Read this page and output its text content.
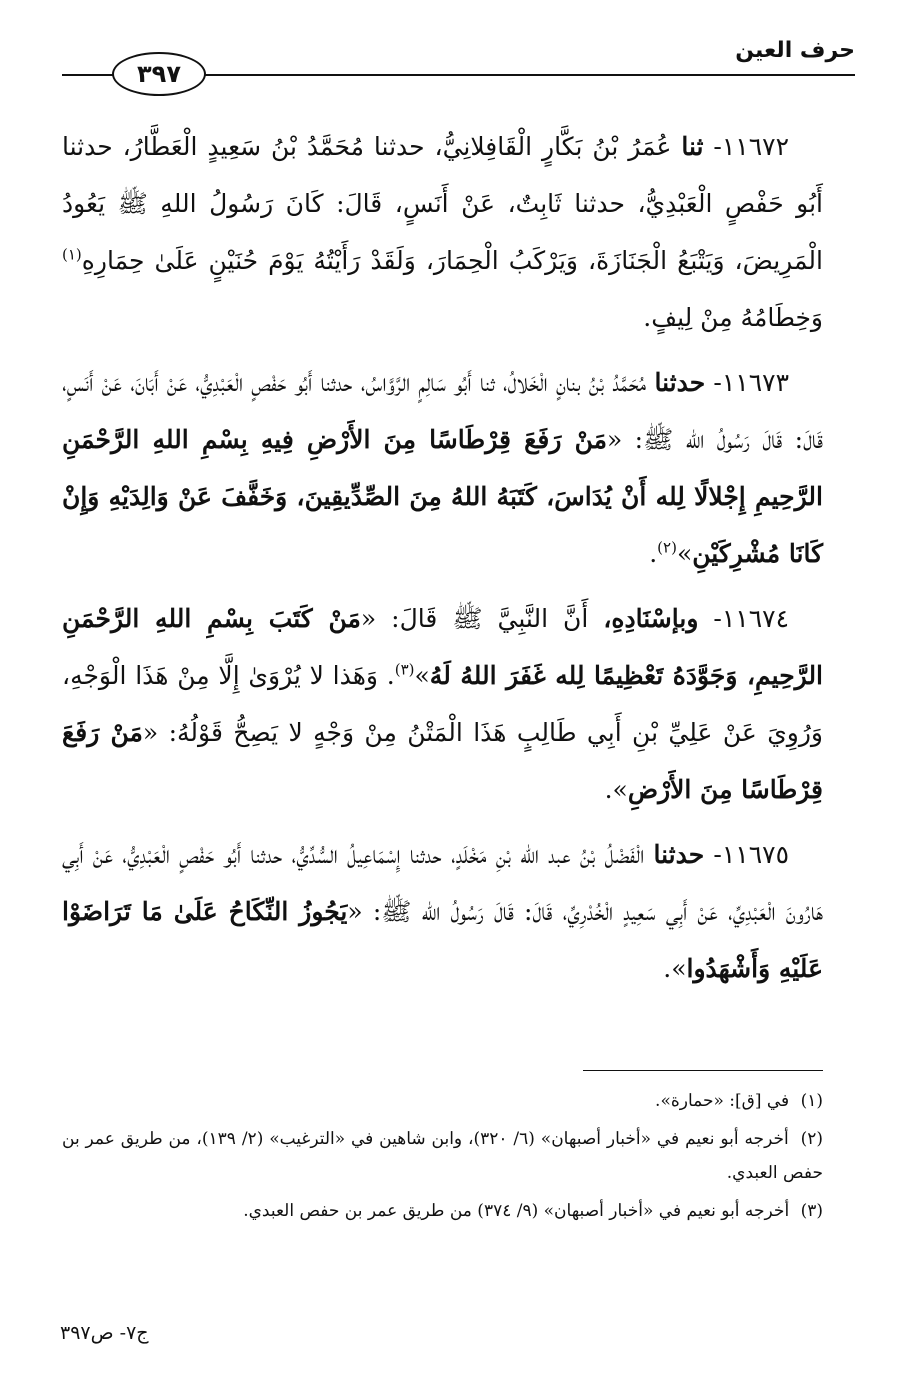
حرف العين
٣٩٧

١١٦٧٢- ثنا عُمَرُ بْنُ بَكَّارٍ الْقَافِلانِيُّ، حدثنا مُحَمَّدُ بْنُ سَعِيدٍ الْعَطَّارُ، حدثنا أَبُو حَفْصٍ الْعَبْدِيُّ، حدثنا ثَابِتٌ، عَنْ أَنَسٍ، قَالَ: كَانَ رَسُولُ اللهِ ﷺ يَعُودُ الْمَرِيضَ، وَيَتْبَعُ الْجَنَازَةَ، وَيَرْكَبُ الْحِمَارَ، وَلَقَدْ رَأَيْتُهُ يَوْمَ حُنَيْنٍ عَلَىٰ حِمَارِهِ$^{(١)}$ وَخِطَامُهُ مِنْ لِيفٍ.

١١٦٧٣- حدثنا مُحَمَّدُ بْنُ بنانٍ الْخَلالُ، ثنا أَبُو سَالِمٍ الرَّوَّاسُ، حدثنا أَبُو حَفْصٍ الْعَبْدِيُّ، عَنْ أَبَانَ، عَنْ أَنَسٍ، قَالَ: قَالَ رَسُولُ الله ﷺ: «مَنْ رَفَعَ قِرْطَاسًا مِنَ الأَرْضِ فِيهِ بِسْمِ اللهِ الرَّحْمَنِ الرَّحِيمِ إِجْلالًا لِله أَنْ يُدَاسَ، كَتَبَهُ اللهُ مِنَ الصِّدِّيقِينَ، وَخَفَّفَ عَنْ وَالِدَيْهِ وَإِنْ كَانَا مُشْرِكَيْنِ»$^{(٢)}$.

١١٦٧٤- وبإسْنَادِهِ، أَنَّ النَّبِيَّ ﷺ قَالَ: «مَنْ كَتَبَ بِسْمِ اللهِ الرَّحْمَنِ الرَّحِيمِ، وَجَوَّدَهُ تَعْظِيمًا لِله غَفَرَ اللهُ لَهُ»$^{(٣)}$. وَهَذا لا يُرْوَىٰ إِلَّا مِنْ هَذَا الْوَجْهِ، وَرُوِيَ عَنْ عَلِيِّ بْنِ أَبِي طَالِبٍ هَذَا الْمَتْنُ مِنْ وَجْهٍ لا يَصِحُّ قَوْلُهُ: «مَنْ رَفَعَ قِرْطَاسًا مِنَ الأَرْضِ».

١١٦٧٥- حدثنا الْفَضْلُ بْنُ عبد الله بْنِ مَخْلَدٍ، حدثنا إِسْمَاعِيلُ السُّدِّيُّ، حدثنا أَبُو حَفْصٍ الْعَبْدِيُّ، عَنْ أَبِي هَارُونَ الْعَبْدِيِّ، عَنْ أَبِي سَعِيدٍ الْخُدْرِيِّ، قَالَ: قَالَ رَسُولُ الله ﷺ: «يَجُوزُ النِّكَاحُ عَلَىٰ مَا تَرَاضَوْا عَلَيْهِ وَأَشْهَدُوا».

(١) في [ق]: «حمارة».

(٢) أخرجه أبو نعيم في «أخبار أصبهان» (٦/ ٣٢٠)، وابن شاهين في «الترغيب» (٢/ ١٣٩)، من طريق عمر بن حفص العبدي.

(٣) أخرجه أبو نعيم في «أخبار أصبهان» (٩/ ٣٧٤) من طريق عمر بن حفص العبدي.

ج٧- ص٣٩٧
